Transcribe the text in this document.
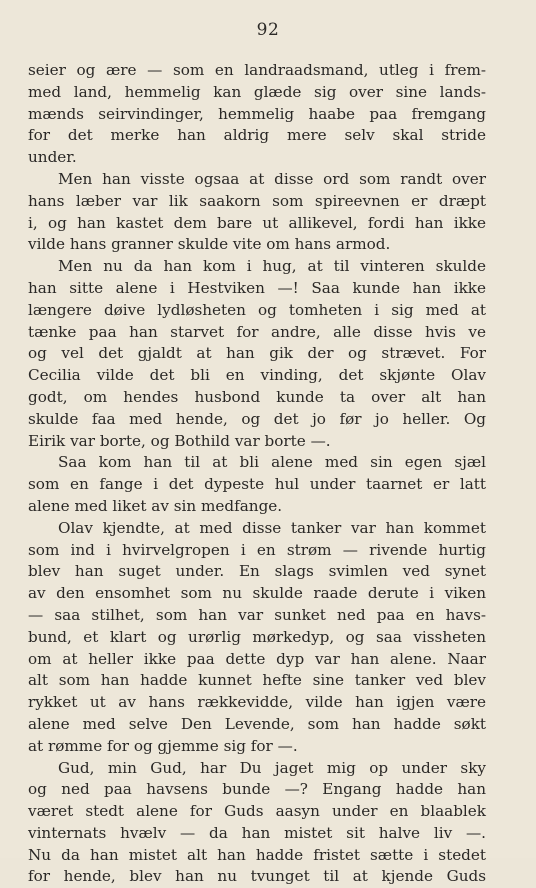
92
seier og ære — som en landraadsmand, utleg i frem-
med land, hemmelig kan glæde sig over sine lands-
mænds seirvindinger, hemmelig haabe paa fremgang
for det merke han aldrig mere selv skal stride
under.
Men han visste ogsaa at disse ord som randt over
hans læber var lik saakorn som spireevnen er dræpt
i, og han kastet dem bare ut allikevel, fordi han ikke
vilde hans granner skulde vite om hans armod.
Men nu da han kom i hug, at til vinteren skulde
han sitte alene i Hestviken —! Saa kunde han ikke
længere døive lydløsheten og tomheten i sig med at
tænke paa han starvet for andre, alle disse hvis ve
og vel det gjaldt at han gik der og strævet. For
Cecilia vilde det bli en vinding, det skjønte Olav
godt, om hendes husbond kunde ta over alt han
skulde faa med hende, og det jo før jo heller. Og
Eirik var borte, og Bothild var borte —.
Saa kom han til at bli alene med sin egen sjæl
som en fange i det dypeste hul under taarnet er latt
alene med liket av sin medfange.
Olav kjendte, at med disse tanker var han kommet
som ind i hvirvelgropen i en strøm — rivende hurtig
blev han suget under. En slags svimlen ved synet
av den ensomhet som nu skulde raade derute i viken
— saa stilhet, som han var sunket ned paa en havs-
bund, et klart og urørlig mørkedyp, og saa vissheten
om at heller ikke paa dette dyp var han alene. Naar
alt som han hadde kunnet hefte sine tanker ved blev
rykket ut av hans rækkevidde, vilde han igjen være
alene med selve Den Levende, som han hadde søkt
at rømme for og gjemme sig for —.
Gud, min Gud, har Du jaget mig op under sky
og ned paa havsens bunde —? Engang hadde han
været stedt alene for Guds aasyn under en blaablek
vinternats hvælv — da han mistet sit halve liv —.
Nu da han mistet alt han hadde fristet sætte i stedet
for hende, blev han nu tvunget til at kjende Guds
